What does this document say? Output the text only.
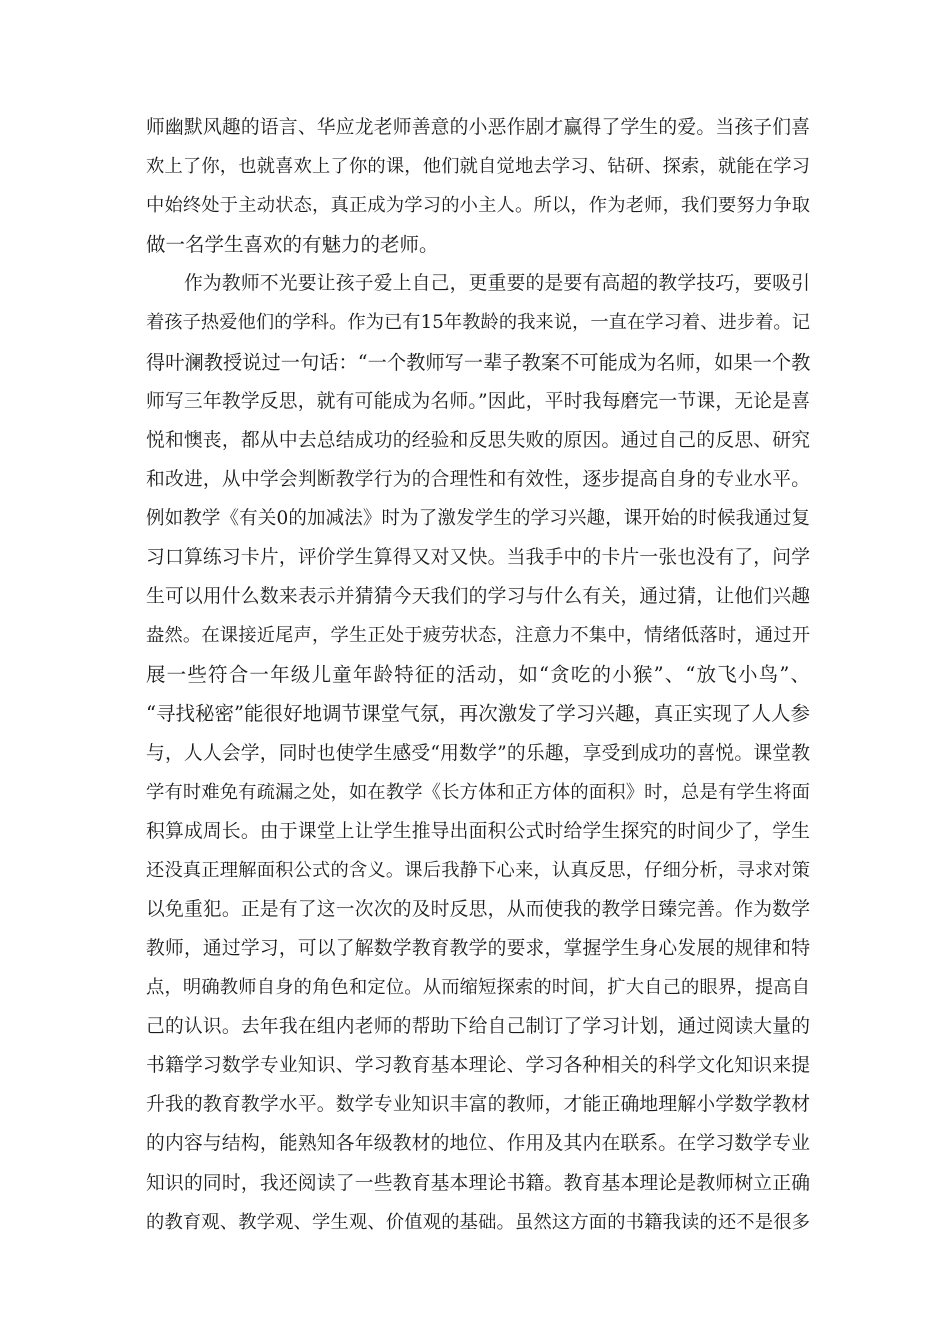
师幽默风趣的语言、华应龙老师善意的小恶作剧才赢得了学生的爱。当孩子们喜
欢上了你，也就喜欢上了你的课，他们就自觉地去学习、钻研、探索，就能在学习
中始终处于主动状态，真正成为学习的小主人。所以，作为老师，我们要努力争取
做一名学生喜欢的有魅力的老师。
　　作为教师不光要让孩子爱上自己，更重要的是要有高超的教学技巧，要吸引
着孩子热爱他们的学科。作为已有15年教龄的我来说，一直在学习着、进步着。记
得叶澜教授说过一句话：“一个教师写一辈子教案不可能成为名师，如果一个教
师写三年教学反思，就有可能成为名师。”因此，平时我每磨完一节课，无论是喜
悦和懊丧，都从中去总结成功的经验和反思失败的原因。通过自己的反思、研究
和改进，从中学会判断教学行为的合理性和有效性，逐步提高自身的专业水平。
例如教学《有关0的加减法》时为了激发学生的学习兴趣，课开始的时候我通过复
习口算练习卡片，评价学生算得又对又快。当我手中的卡片一张也没有了，问学
生可以用什么数来表示并猜猜今天我们的学习与什么有关，通过猜，让他们兴趣
盎然。在课接近尾声，学生正处于疲劳状态，注意力不集中，情绪低落时，通过开
展一些符合一年级儿童年龄特征的活动，如“贪吃的小猴”、“放飞小鸟”、
“寻找秘密”能很好地调节课堂气氛，再次激发了学习兴趣，真正实现了人人参
与，人人会学，同时也使学生感受“用数学”的乐趣，享受到成功的喜悦。课堂教
学有时难免有疏漏之处，如在教学《长方体和正方体的面积》时，总是有学生将面
积算成周长。由于课堂上让学生推导出面积公式时给学生探究的时间少了，学生
还没真正理解面积公式的含义。课后我静下心来，认真反思，仔细分析，寻求对策
以免重犯。正是有了这一次次的及时反思，从而使我的教学日臻完善。作为数学
教师，通过学习，可以了解数学教育教学的要求，掌握学生身心发展的规律和特
点，明确教师自身的角色和定位。从而缩短探索的时间，扩大自己的眼界，提高自
己的认识。去年我在组内老师的帮助下给自己制订了学习计划，通过阅读大量的
书籍学习数学专业知识、学习教育基本理论、学习各种相关的科学文化知识来提
升我的教育教学水平。数学专业知识丰富的教师，才能正确地理解小学数学教材
的内容与结构，能熟知各年级教材的地位、作用及其内在联系。在学习数学专业
知识的同时，我还阅读了一些教育基本理论书籍。教育基本理论是教师树立正确
的教育观、教学观、学生观、价值观的基础。虽然这方面的书籍我读的还不是很多
